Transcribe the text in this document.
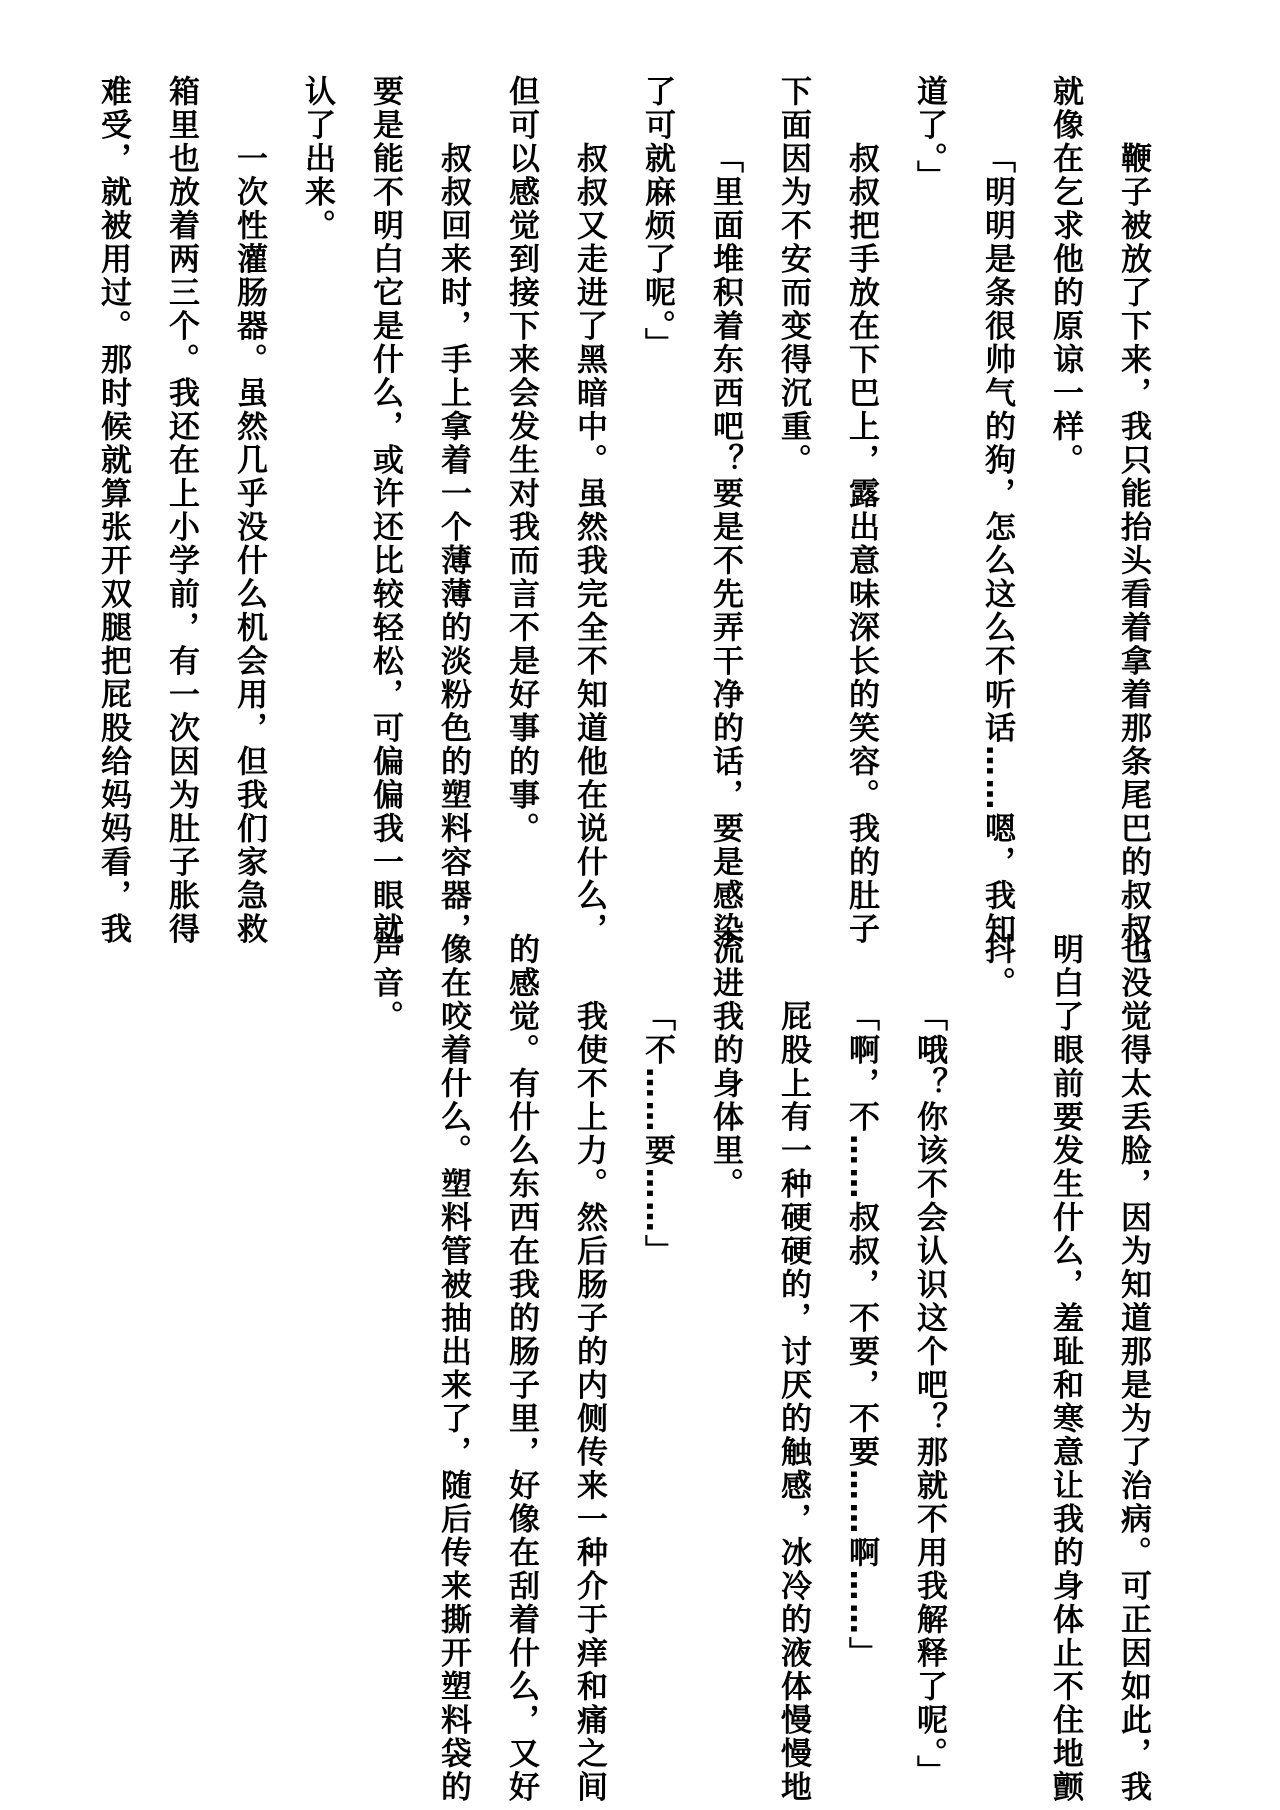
鞭子被放了下来，我只能抬头看着拿着那条尾巴的叔叔，
就像在乞求他的原谅一样。
「明明是条很帅气的狗，怎么这么不听话……嗯，我知
道了。」
叔叔把手放在下巴上，露出意味深长的笑容。我的肚子
下面因为不安而变得沉重。
「里面堆积着东西吧？要是不先弄干净的话，要是感染
了可就麻烦了呢。」
叔叔又走进了黑暗中。虽然我完全不知道他在说什么，
但可以感觉到接下来会发生对我而言不是好事的事。
叔叔回来时，手上拿着一个薄薄的淡粉色的塑料容器，
要是能不明白它是什么，或许还比较轻松，可偏偏我一眼就
认了出来。
一次性灌肠器。虽然几乎没什么机会用，但我们家急救
箱里也放着两三个。我还在上小学前，有一次因为肚子胀得
难受，就被用过。那时候就算张开双腿把屁股给妈妈看，我
也没觉得太丢脸，因为知道那是为了治病。可正因如此，我
明白了眼前要发生什么，羞耻和寒意让我的身体止不住地颤
抖。
「哦？你该不会认识这个吧？那就不用我解释了呢。」
「啊，不……叔叔，不要，不要……啊……」
屁股上有一种硬硬的，讨厌的触感，冰冷的液体慢慢地
流进我的身体里。
「不……要……」
我使不上力。然后肠子的内侧传来一种介于痒和痛之间
的感觉。有什么东西在我的肠子里，好像在刮着什么，又好
像在咬着什么。塑料管被抽出来了，随后传来撕开塑料袋的
声音。
